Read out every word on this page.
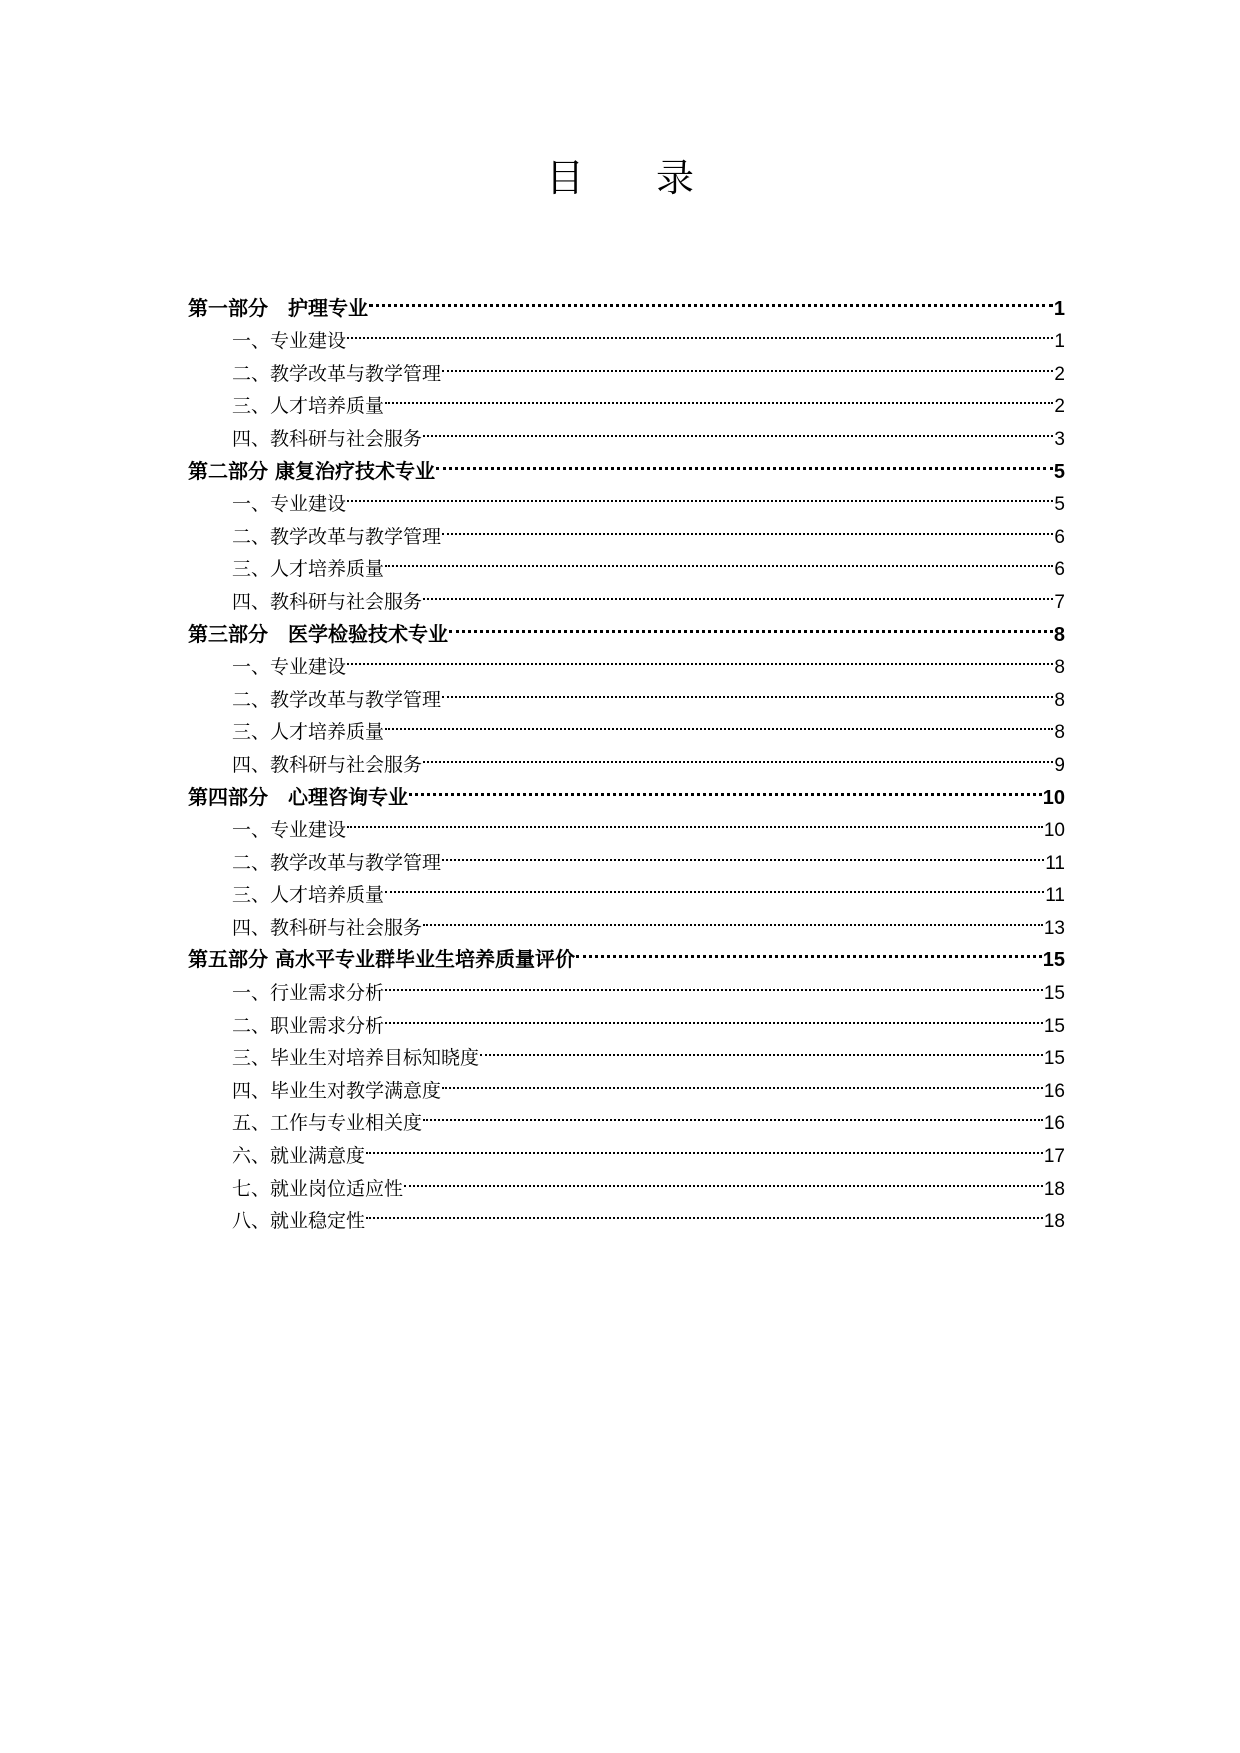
目 录
第一部分　护理专业	1
一、专业建设	1
二、教学改革与教学管理	2
三、人才培养质量	2
四、教科研与社会服务	3
第二部分 康复治疗技术专业	5
一、专业建设	5
二、教学改革与教学管理	6
三、人才培养质量	6
四、教科研与社会服务	7
第三部分　医学检验技术专业	8
一、专业建设	8
二、教学改革与教学管理	8
三、人才培养质量	8
四、教科研与社会服务	9
第四部分　心理咨询专业	10
一、专业建设	10
二、教学改革与教学管理	11
三、人才培养质量	11
四、教科研与社会服务	13
第五部分 高水平专业群毕业生培养质量评价	15
一、行业需求分析	15
二、职业需求分析	15
三、毕业生对培养目标知晓度	15
四、毕业生对教学满意度	16
五、工作与专业相关度	16
六、就业满意度	17
七、就业岗位适应性	18
八、就业稳定性	18
